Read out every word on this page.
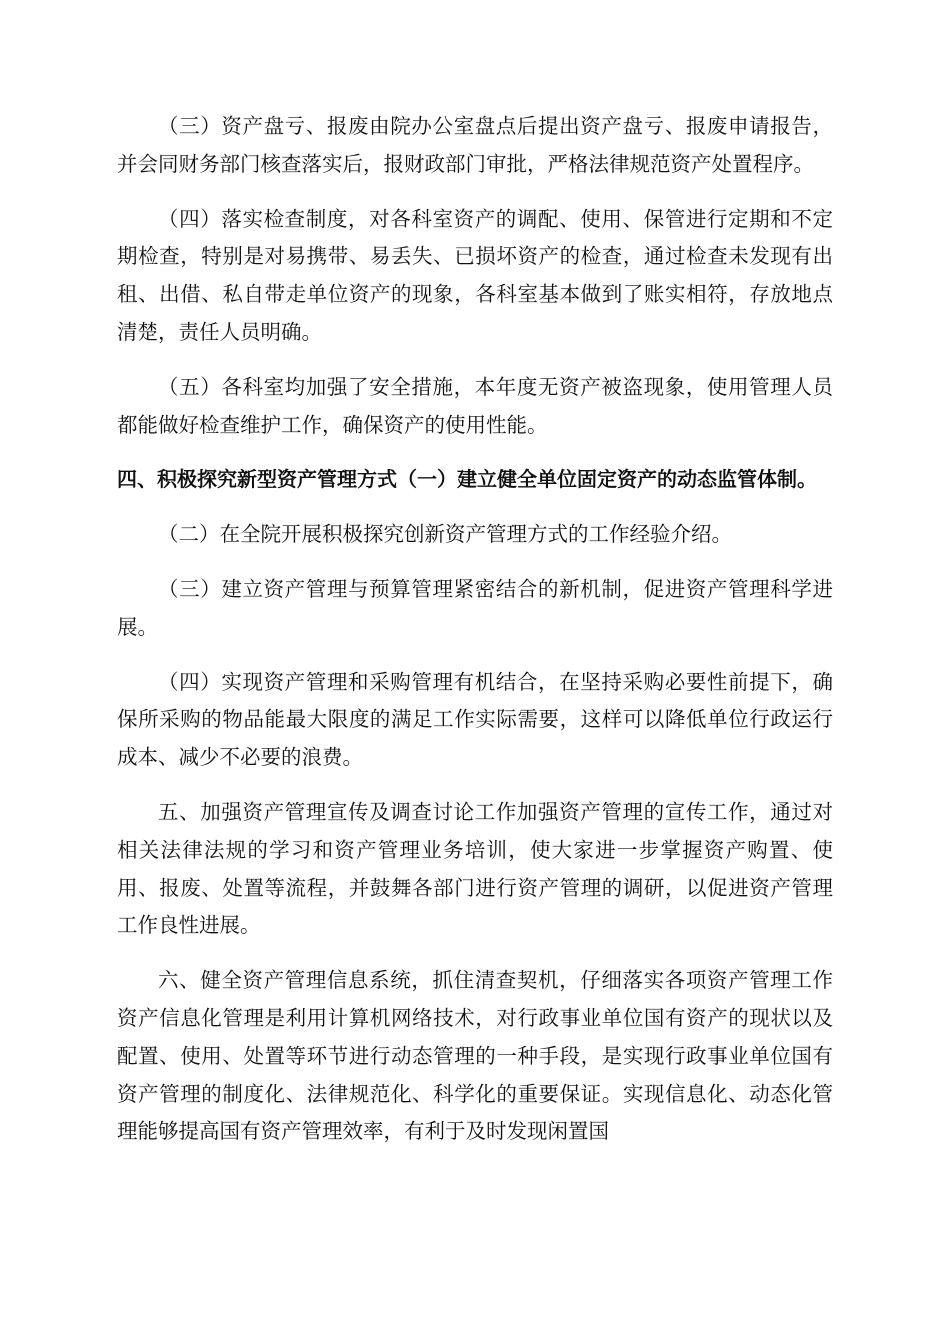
（三）资产盘亏、报废由院办公室盘点后提出资产盘亏、报废申请报告，并会同财务部门核查落实后，报财政部门审批，严格法律规范资产处置程序。

（四）落实检查制度，对各科室资产的调配、使用、保管进行定期和不定期检查，特别是对易携带、易丢失、已损坏资产的检查，通过检查未发现有出租、出借、私自带走单位资产的现象，各科室基本做到了账实相符，存放地点清楚，责任人员明确。

（五）各科室均加强了安全措施，本年度无资产被盗现象，使用管理人员都能做好检查维护工作，确保资产的使用性能。

四、积极探究新型资产管理方式（一）建立健全单位固定资产的动态监管体制。

（二）在全院开展积极探究创新资产管理方式的工作经验介绍。

（三）建立资产管理与预算管理紧密结合的新机制，促进资产管理科学进展。

（四）实现资产管理和采购管理有机结合，在坚持采购必要性前提下，确保所采购的物品能最大限度的满足工作实际需要，这样可以降低单位行政运行成本、减少不必要的浪费。

五、加强资产管理宣传及调查讨论工作加强资产管理的宣传工作，通过对相关法律法规的学习和资产管理业务培训，使大家进一步掌握资产购置、使用、报废、处置等流程，并鼓舞各部门进行资产管理的调研，以促进资产管理工作良性进展。

六、健全资产管理信息系统，抓住清查契机，仔细落实各项资产管理工作资产信息化管理是利用计算机网络技术，对行政事业单位国有资产的现状以及配置、使用、处置等环节进行动态管理的一种手段，是实现行政事业单位国有资产管理的制度化、法律规范化、科学化的重要保证。实现信息化、动态化管理能够提高国有资产管理效率，有利于及时发现闲置国
